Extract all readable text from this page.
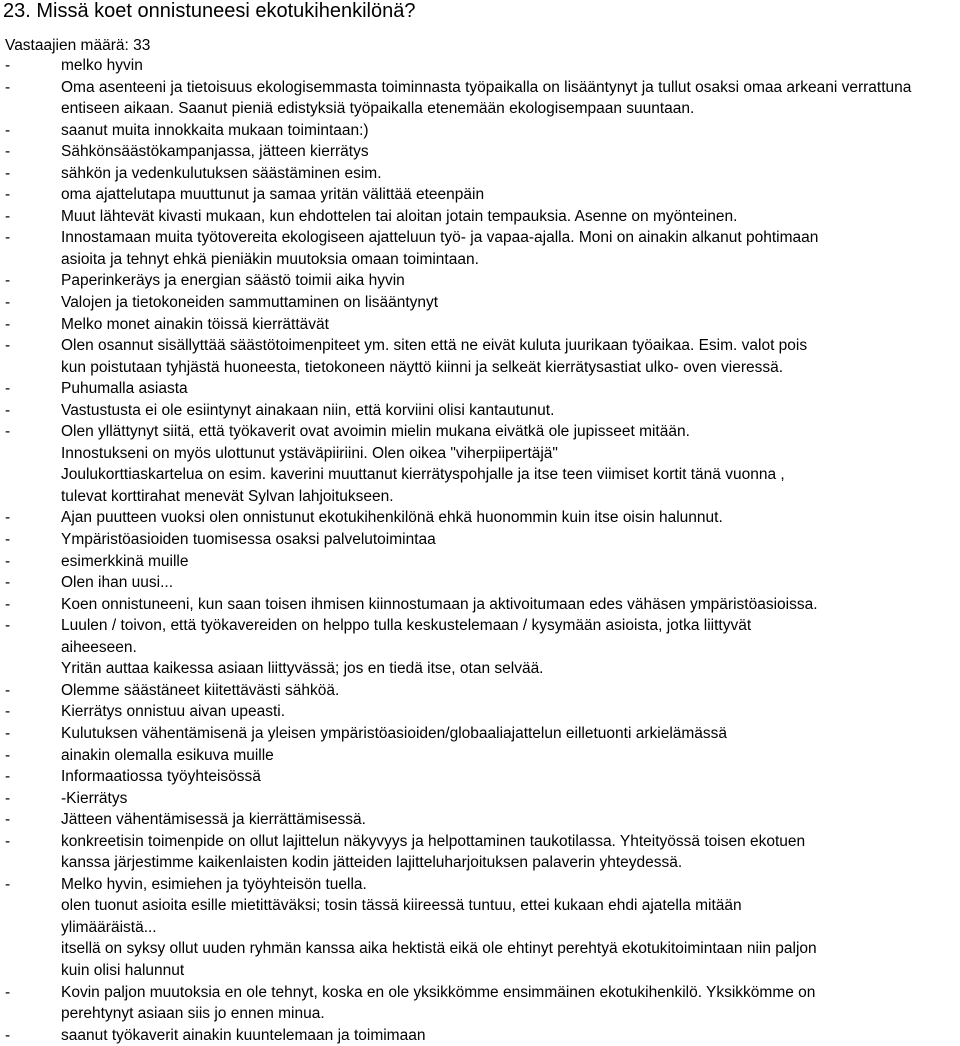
23. Missä koet onnistuneesi ekotukihenkilönä?
Vastaajien määrä: 33
-	melko hyvin
-	Oma asenteeni ja tietoisuus ekologisemmasta toiminnasta työpaikalla on lisääntynyt ja tullut osaksi omaa arkeani verrattuna
entiseen aikaan. Saanut pieniä edistyksiä työpaikalla etenemään ekologisempaan suuntaan.
-	saanut muita innokkaita mukaan toimintaan:)
-	Sähkönsäästökampanjassa, jätteen kierrätys
-	sähkön ja vedenkulutuksen säästäminen esim.
-	oma ajattelutapa muuttunut ja samaa yritän välittää eteenpäin
-	Muut lähtevät kivasti mukaan, kun ehdottelen tai aloitan jotain tempauksia. Asenne on myönteinen.
-	Innostamaan muita työtovereita ekologiseen ajatteluun työ- ja vapaa-ajalla. Moni on ainakin alkanut pohtimaan
asioita ja tehnyt ehkä pieniäkin muutoksia omaan toimintaan.
-	Paperinkeräys ja energian säästö toimii aika hyvin
-	Valojen ja tietokoneiden sammuttaminen on lisääntynyt
-	Melko monet ainakin töissä kierrättävät
-	Olen osannut sisällyttää säästötoimenpiteet ym. siten että ne eivät kuluta juurikaan työaikaa. Esim. valot pois
kun poistutaan tyhjästä huoneesta, tietokoneen näyttö kiinni ja selkeät kierrätysastiat ulko- oven vieressä.
-	Puhumalla asiasta
-	Vastustusta ei ole esiintynyt ainakaan niin, että korviini olisi kantautunut.
-	Olen yllättynyt siitä, että työkaverit ovat avoimin mielin mukana eivätkä ole jupisseet mitään.
Innostukseni on myös ulottunut ystäväpiiriini. Olen oikea "viherpiipertäjä"
Joulukorttiaskartelua on esim. kaverini muuttanut kierrätyspohjalle ja itse teen viimiset kortit tänä vuonna ,
tulevat korttirahat menevät Sylvan lahjoitukseen.
-	Ajan puutteen vuoksi olen onnistunut ekotukihenkilönä ehkä huonommin kuin itse oisin halunnut.
-	Ympäristöasioiden tuomisessa osaksi palvelutoimintaa
-	esimerkkinä muille
-	Olen ihan uusi...
-	Koen onnistuneeni, kun saan toisen ihmisen kiinnostumaan ja aktivoitumaan edes vähäsen ympäristöasioissa.
-	Luulen / toivon, että työkavereiden on helppo tulla keskustelemaan / kysymään asioista, jotka liittyvät
aiheeseen.
Yritän auttaa kaikessa asiaan liittyvässä; jos en tiedä itse, otan selvää.
-	Olemme säästäneet kiitettävästi sähköä.
-	Kierrätys onnistuu aivan upeasti.
-	Kulutuksen vähentämisenä ja yleisen ympäristöasioiden/globaaliajattelun eilletuonti arkielämässä
-	ainakin olemalla esikuva muille
-	Informaatiossa työyhteisössä
-	-Kierrätys
-	Jätteen vähentämisessä ja kierrättämisessä.
-	konkreetisin toimenpide on ollut lajittelun näkyvyys ja helpottaminen taukotilassa. Yhteityössä toisen ekotuen
kanssa järjestimme kaikenlaisten kodin jätteiden lajitteluharjoituksen palaverin yhteydessä.
-	Melko hyvin, esimiehen ja työyhteisön tuella.
olen tuonut asioita esille mietittäväksi; tosin tässä kiireessä tuntuu, ettei kukaan ehdi ajatella mitään
ylimääräistä...
itsellä on syksy ollut uuden ryhmän kanssa aika hektistä eikä ole ehtinyt perehtyä ekotukitoimintaan niin paljon
kuin olisi halunnut
-	Kovin paljon muutoksia en ole tehnyt, koska en ole yksikkömme ensimmäinen ekotukihenkilö. Yksikkömme on
perehtynyt asiaan siis jo ennen minua.
-	saanut työkaverit ainakin kuuntelemaan ja toimimaan
